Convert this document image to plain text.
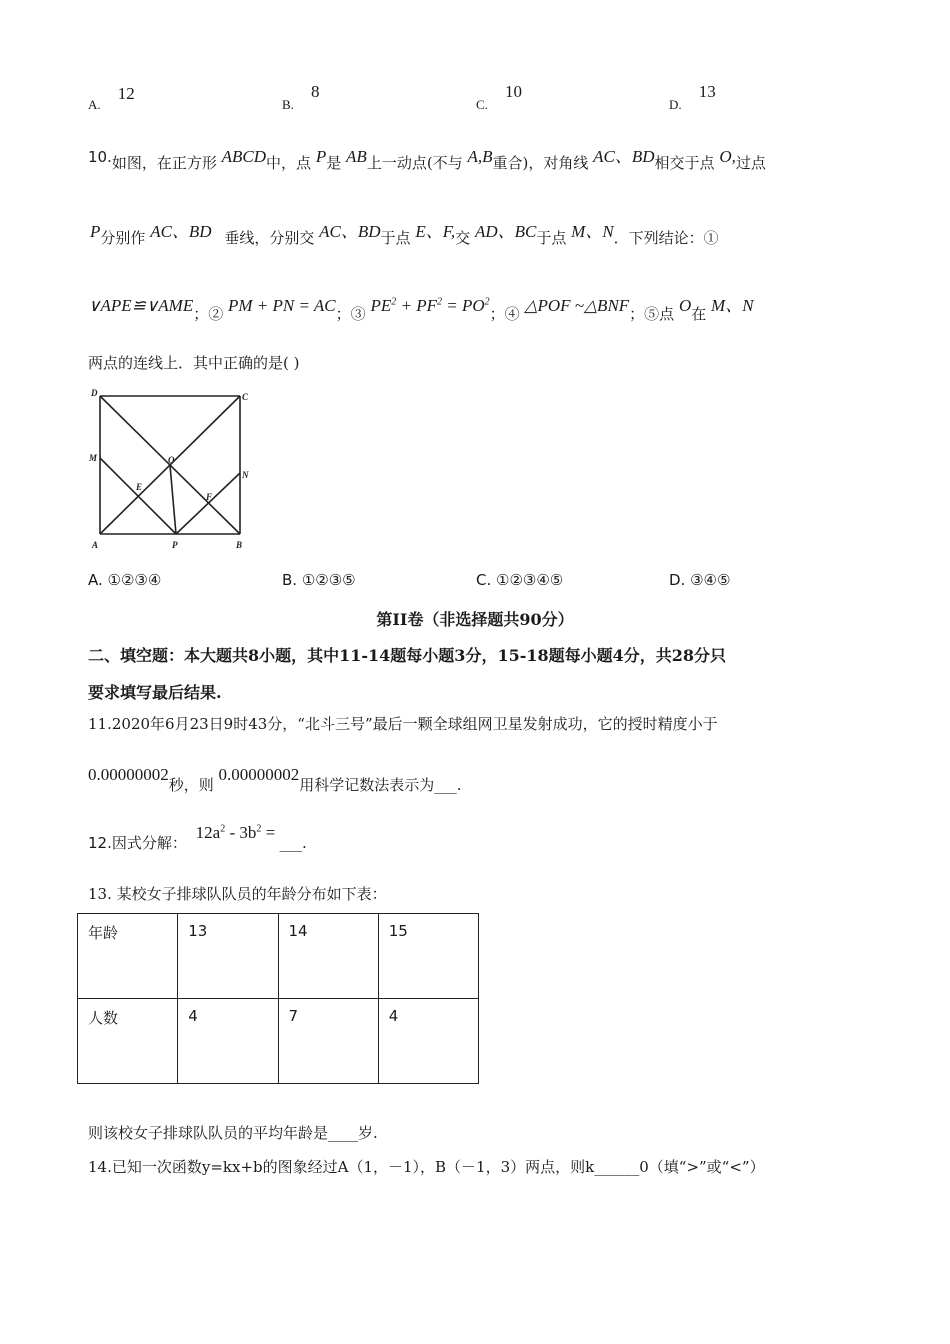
$_{A.}$ 12
$_{B.}$ 8
$_{C.}$ 10
$_{D.}$ 13
10.如图，在正方形 ABCD中，点 P是 AB上一动点(不与 A,B重合)，对角线 AC、BD相交于点 O,过点
P分别作 AC、BD 垂线，分别交 AC、BD于点 E、F,交 AD、BC于点 M、N．下列结论：①
∨APE≌∨AME；② PM + PN = AC；③ $PE^2 + PF^2 = PO^2$；④ △POF ~△BNF；⑤点 O在 M、N
两点的连线上．其中正确的是( )
D	C
M	O
N
E
F
A	P	B
A. ①②③④	B. ①②③⑤	C. ①②③④⑤	D. ③④⑤
第II卷（非选择题共90分）
二、填空题：本大题共8小题，其中11-14题每小题3分，15-18题每小题4分，共28分只
要求填写最后结果.
11.2020年6月23日9时43分，“北斗三号”最后一颗全球组网卫星发射成功，它的授时精度小于
0.00000002秒，则 0.00000002用科学记数法表示为___.
12.因式分解： $12a^2 - 3b^2$ = ___.
13. 某校女子排球队队员的年龄分布如下表：
年龄	13	14	15
人数	4	7	4
则该校女子排球队队员的平均年龄是____岁.
14.已知一次函数y=kx+b的图象经过A（1，－1），B（－1，3）两点，则k______0（填“>”或“<”）
